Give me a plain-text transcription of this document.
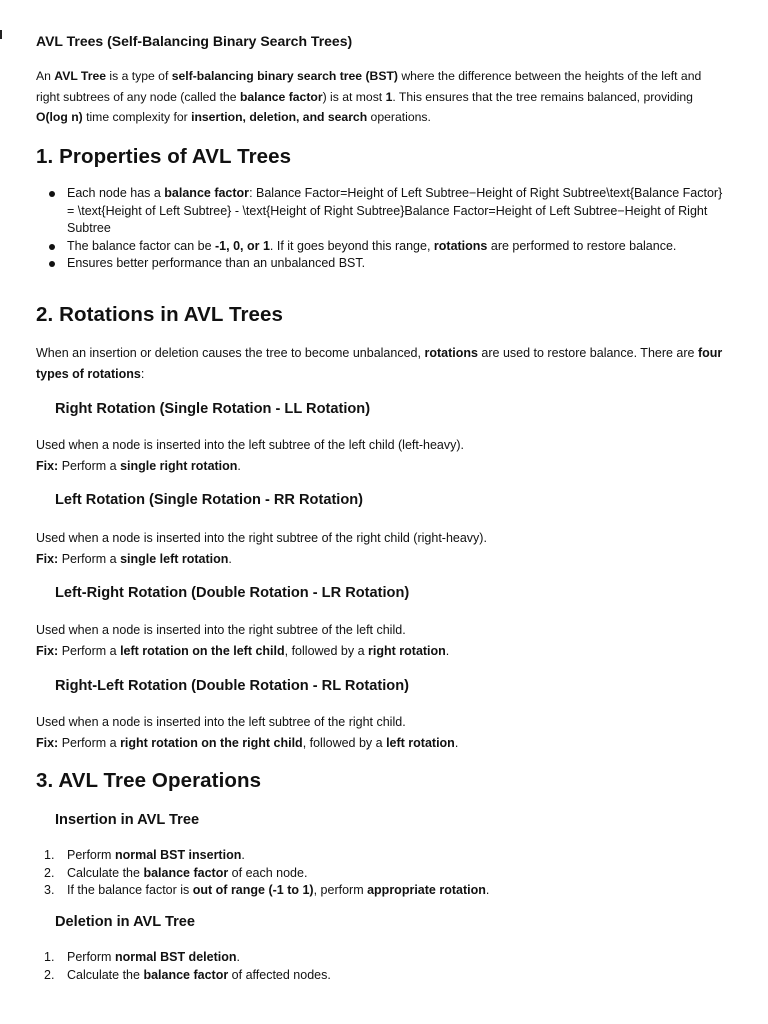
AVL Trees (Self-Balancing Binary Search Trees)
An AVL Tree is a type of self-balancing binary search tree (BST) where the difference between the heights of the left and right subtrees of any node (called the balance factor) is at most 1. This ensures that the tree remains balanced, providing O(log n) time complexity for insertion, deletion, and search operations.
1. Properties of AVL Trees
Each node has a balance factor: Balance Factor=Height of Left Subtree−Height of Right Subtree\text{Balance Factor} = \text{Height of Left Subtree} - \text{Height of Right Subtree}Balance Factor=Height of Left Subtree−Height of Right Subtree
The balance factor can be -1, 0, or 1. If it goes beyond this range, rotations are performed to restore balance.
Ensures better performance than an unbalanced BST.
2. Rotations in AVL Trees
When an insertion or deletion causes the tree to become unbalanced, rotations are used to restore balance. There are four types of rotations:
Right Rotation (Single Rotation - LL Rotation)
Used when a node is inserted into the left subtree of the left child (left-heavy).
Fix: Perform a single right rotation.
Left Rotation (Single Rotation - RR Rotation)
Used when a node is inserted into the right subtree of the right child (right-heavy).
Fix: Perform a single left rotation.
Left-Right Rotation (Double Rotation - LR Rotation)
Used when a node is inserted into the right subtree of the left child.
Fix: Perform a left rotation on the left child, followed by a right rotation.
Right-Left Rotation (Double Rotation - RL Rotation)
Used when a node is inserted into the left subtree of the right child.
Fix: Perform a right rotation on the right child, followed by a left rotation.
3. AVL Tree Operations
Insertion in AVL Tree
1. Perform normal BST insertion.
2. Calculate the balance factor of each node.
3. If the balance factor is out of range (-1 to 1), perform appropriate rotation.
Deletion in AVL Tree
1. Perform normal BST deletion.
2. Calculate the balance factor of affected nodes.
